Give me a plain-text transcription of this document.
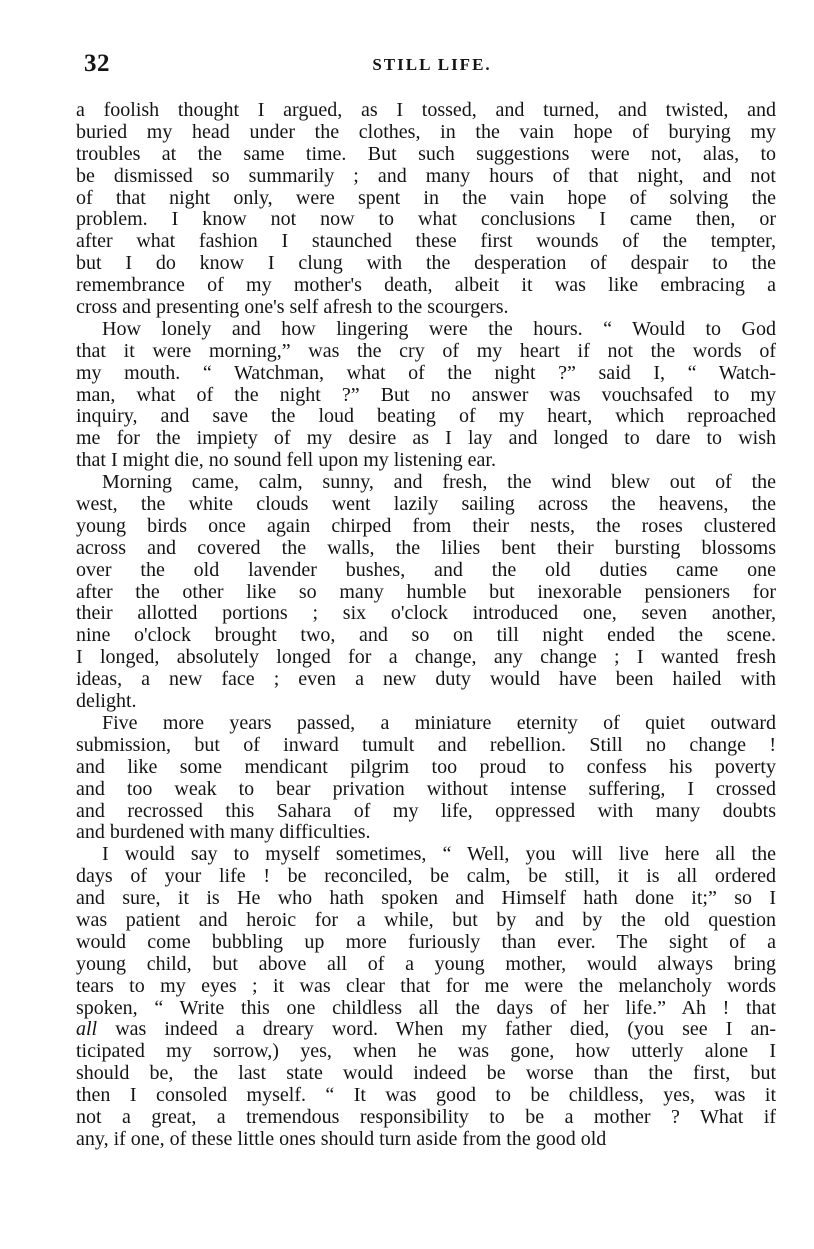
32	STILL LIFE.
a foolish thought I argued, as I tossed, and turned, and twisted, and
buried my head under the clothes, in the vain hope of burying my
troubles at the same time. But such suggestions were not, alas, to
be dismissed so summarily ; and many hours of that night, and not
of that night only, were spent in the vain hope of solving the
problem. I know not now to what conclusions I came then, or
after what fashion I staunched these first wounds of the tempter,
but I do know I clung with the desperation of despair to the
remembrance of my mother's death, albeit it was like embracing a
cross and presenting one's self afresh to the scourgers.
How lonely and how lingering were the hours. “ Would to God
that it were morning,” was the cry of my heart if not the words of
my mouth. “ Watchman, what of the night ?” said I, “ Watch-
man, what of the night ?” But no answer was vouchsafed to my
inquiry, and save the loud beating of my heart, which reproached
me for the impiety of my desire as I lay and longed to dare to wish
that I might die, no sound fell upon my listening ear.
Morning came, calm, sunny, and fresh, the wind blew out of the
west, the white clouds went lazily sailing across the heavens, the
young birds once again chirped from their nests, the roses clustered
across and covered the walls, the lilies bent their bursting blossoms
over the old lavender bushes, and the old duties came one
after the other like so many humble but inexorable pensioners for
their allotted portions ; six o'clock introduced one, seven another,
nine o'clock brought two, and so on till night ended the scene.
I longed, absolutely longed for a change, any change ; I wanted fresh
ideas, a new face ; even a new duty would have been hailed with
delight.
Five more years passed, a miniature eternity of quiet outward
submission, but of inward tumult and rebellion. Still no change !
and like some mendicant pilgrim too proud to confess his poverty
and too weak to bear privation without intense suffering, I crossed
and recrossed this Sahara of my life, oppressed with many doubts
and burdened with many difficulties.
I would say to myself sometimes, “ Well, you will live here all the
days of your life ! be reconciled, be calm, be still, it is all ordered
and sure, it is He who hath spoken and Himself hath done it;” so I
was patient and heroic for a while, but by and by the old question
would come bubbling up more furiously than ever. The sight of a
young child, but above all of a young mother, would always bring
tears to my eyes ; it was clear that for me were the melancholy words
spoken, “ Write this one childless all the days of her life.” Ah ! that
all was indeed a dreary word. When my father died, (you see I an-
ticipated my sorrow,) yes, when he was gone, how utterly alone I
should be, the last state would indeed be worse than the first, but
then I consoled myself. “ It was good to be childless, yes, was it
not a great, a tremendous responsibility to be a mother ? What if
any, if one, of these little ones should turn aside from the good old
